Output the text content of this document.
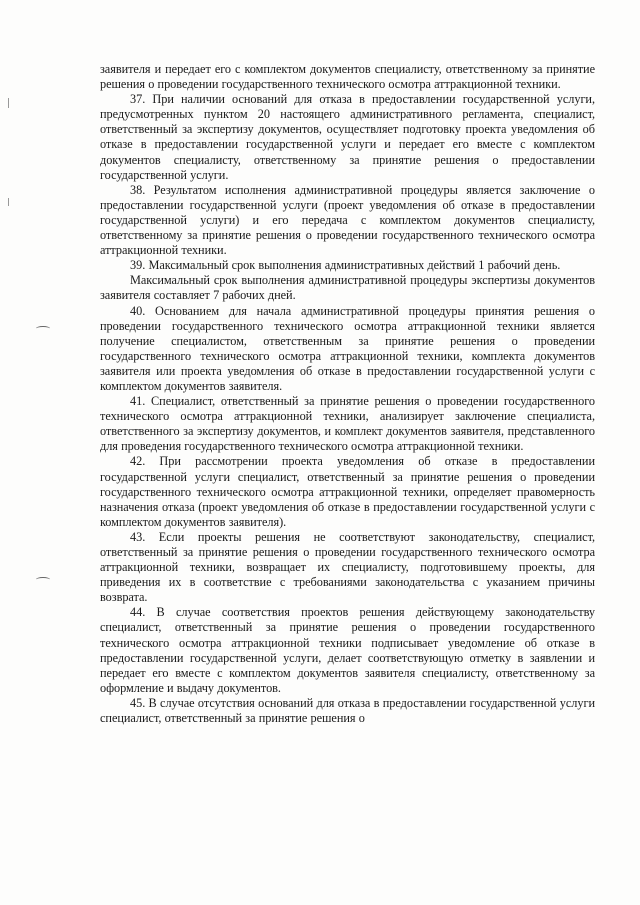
заявителя и передает его с комплектом документов специалисту, ответственному за принятие решения о проведении государственного технического осмотра аттракционной техники.

37. При наличии оснований для отказа в предоставлении государственной услуги, предусмотренных пунктом 20 настоящего административного регламента, специалист, ответственный за экспертизу документов, осуществляет подготовку проекта уведомления об отказе в предоставлении государственной услуги и передает его вместе с комплектом документов специалисту, ответственному за принятие решения о предоставлении государственной услуги.

38. Результатом исполнения административной процедуры является заключение о предоставлении государственной услуги (проект уведомления об отказе в предоставлении государственной услуги) и его передача с комплектом документов специалисту, ответственному за принятие решения о проведении государственного технического осмотра аттракционной техники.

39. Максимальный срок выполнения административных действий 1 рабочий день.

Максимальный срок выполнения административной процедуры экспертизы документов заявителя составляет 7 рабочих дней.

40. Основанием для начала административной процедуры принятия решения о проведении государственного технического осмотра аттракционной техники является получение специалистом, ответственным за принятие решения о проведении государственного технического осмотра аттракционной техники, комплекта документов заявителя или проекта уведомления об отказе в предоставлении государственной услуги с комплектом документов заявителя.

41. Специалист, ответственный за принятие решения о проведении государственного технического осмотра аттракционной техники, анализирует заключение специалиста, ответственного за экспертизу документов, и комплект документов заявителя, представленного для проведения государственного технического осмотра аттракционной техники.

42. При рассмотрении проекта уведомления об отказе в предоставлении государственной услуги специалист, ответственный за принятие решения о проведении государственного технического осмотра аттракционной техники, определяет правомерность назначения отказа (проект уведомления об отказе в предоставлении государственной услуги с комплектом документов заявителя).

43. Если проекты решения не соответствуют законодательству, специалист, ответственный за принятие решения о проведении государственного технического осмотра аттракционной техники, возвращает их специалисту, подготовившему проекты, для приведения их в соответствие с требованиями законодательства с указанием причины возврата.

44. В случае соответствия проектов решения действующему законодательству специалист, ответственный за принятие решения о проведении государственного технического осмотра аттракционной техники подписывает уведомление об отказе в предоставлении государственной услуги, делает соответствующую отметку в заявлении и передает его вместе с комплектом документов заявителя специалисту, ответственному за оформление и выдачу документов.

45. В случае отсутствия оснований для отказа в предоставлении государственной услуги специалист, ответственный за принятие решения о
